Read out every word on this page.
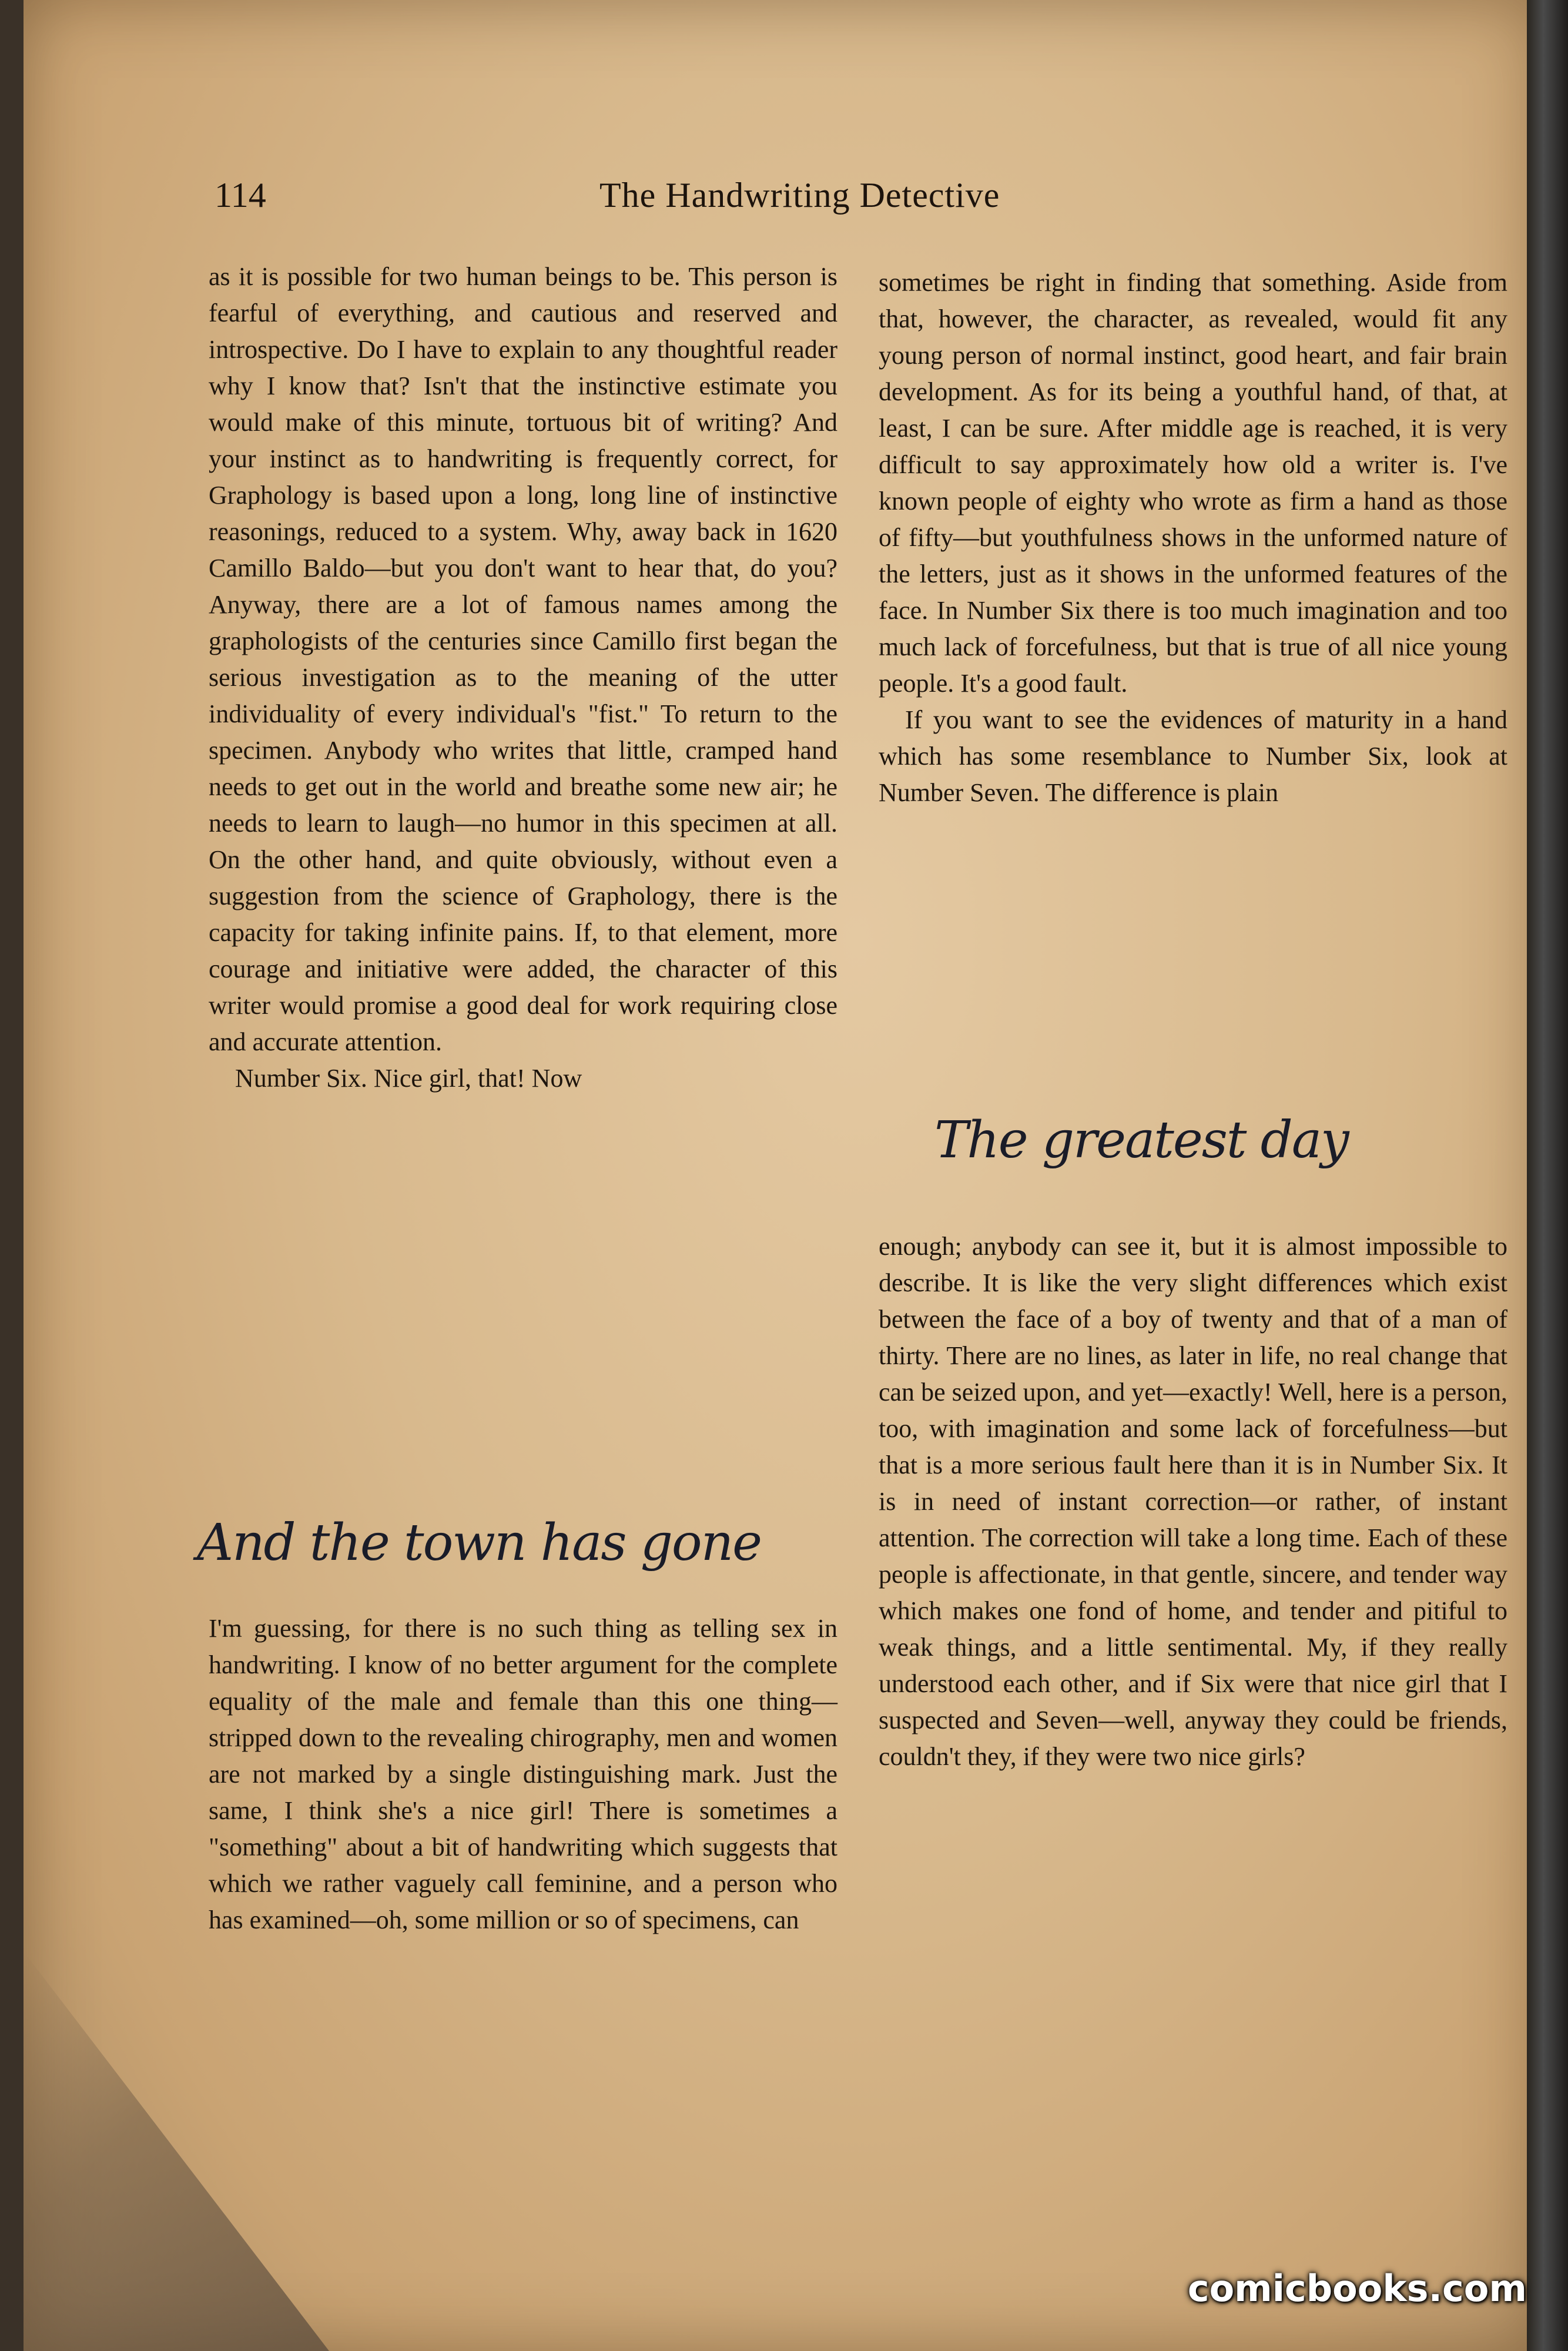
114	The Handwriting Detective

as it is possible for two human beings to be. This person is fearful of everything, and cautious and reserved and introspective. Do I have to explain to any thoughtful reader why I know that? Isn't that the instinctive estimate you would make of this minute, tortuous bit of writing? And your instinct as to handwriting is frequently correct, for Graphology is based upon a long, long line of instinctive reasonings, reduced to a system. Why, away back in 1620 Camillo Baldo—but you don't want to hear that, do you? Anyway, there are a lot of famous names among the graphologists of the centuries since Camillo first began the serious investigation as to the meaning of the utter individuality of every individual's "fist." To return to the specimen. Anybody who writes that little, cramped hand needs to get out in the world and breathe some new air; he needs to learn to laugh—no humor in this specimen at all. On the other hand, and quite obviously, without even a suggestion from the science of Graphology, there is the capacity for taking infinite pains. If, to that element, more courage and initiative were added, the character of this writer would promise a good deal for work requiring close and accurate attention.

Number Six. Nice girl, that! Now

And the town has gone

I'm guessing, for there is no such thing as telling sex in handwriting. I know of no better argument for the complete equality of the male and female than this one thing—stripped down to the revealing chirography, men and women are not marked by a single distinguishing mark. Just the same, I think she's a nice girl! There is sometimes a "something" about a bit of handwriting which suggests that which we rather vaguely call feminine, and a person who has examined—oh, some million or so of specimens, can

sometimes be right in finding that something. Aside from that, however, the character, as revealed, would fit any young person of normal instinct, good heart, and fair brain development. As for its being a youthful hand, of that, at least, I can be sure. After middle age is reached, it is very difficult to say approximately how old a writer is. I've known people of eighty who wrote as firm a hand as those of fifty—but youthfulness shows in the unformed nature of the letters, just as it shows in the unformed features of the face. In Number Six there is too much imagination and too much lack of forcefulness, but that is true of all nice young people. It's a good fault.

If you want to see the evidences of maturity in a hand which has some resemblance to Number Six, look at Number Seven. The difference is plain

The greatest day

enough; anybody can see it, but it is almost impossible to describe. It is like the very slight differences which exist between the face of a boy of twenty and that of a man of thirty. There are no lines, as later in life, no real change that can be seized upon, and yet—exactly! Well, here is a person, too, with imagination and some lack of forcefulness—but that is a more serious fault here than it is in Number Six. It is in need of instant correction—or rather, of instant attention. The correction will take a long time. Each of these people is affectionate, in that gentle, sincere, and tender way which makes one fond of home, and tender and pitiful to weak things, and a little sentimental. My, if they really understood each other, and if Six were that nice girl that I suspected and Seven—well, anyway they could be friends, couldn't they, if they were two nice girls?

comicbooks.com
